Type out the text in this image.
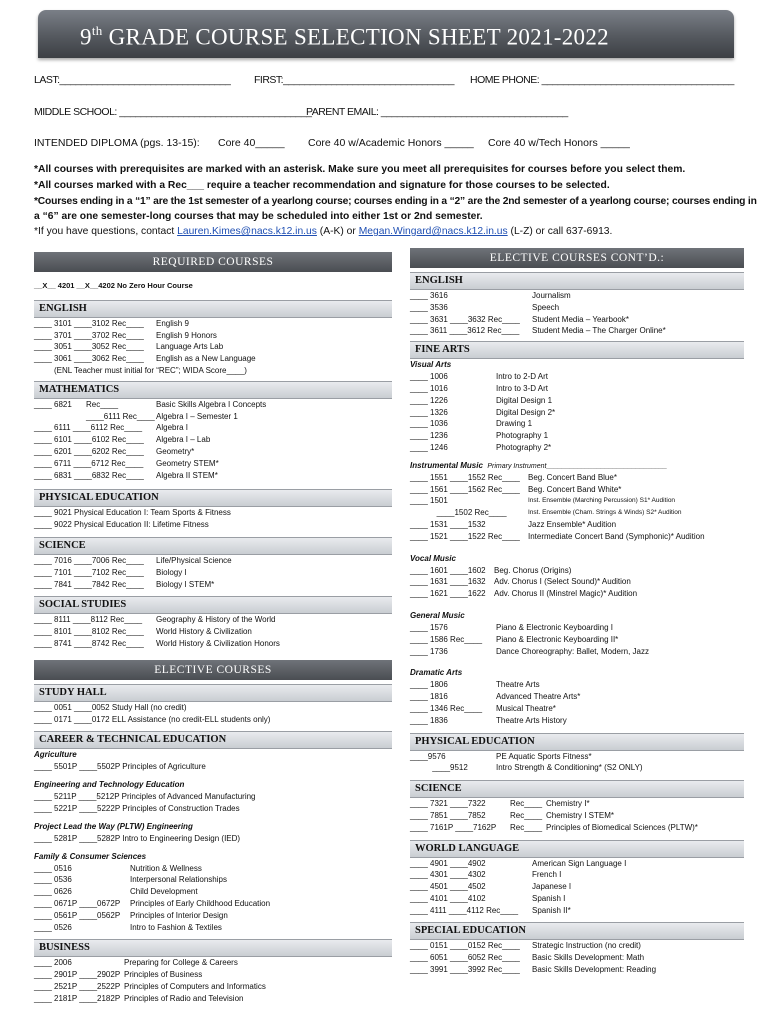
9th GRADE COURSE SELECTION SHEET 2021-2022
LAST:________________________________ FIRST:________________________________ HOME PHONE: ____________________________________
MIDDLE SCHOOL: ____________________________________
PARENT EMAIL: ___________________________________
INTENDED DIPLOMA (pgs. 13-15): Core 40_____ Core 40 w/Academic Honors _____ Core 40 w/Tech Honors _____
*All courses with prerequisites are marked with an asterisk. Make sure you meet all prerequisites for courses before you select them.
*All courses marked with a Rec___ require a teacher recommendation and signature for those courses to be selected.
*Courses ending in a “1” are the 1st semester of a yearlong course; courses ending in a “2” are the 2nd semester of a yearlong course; courses ending in
a “6” are one semester-long courses that may be scheduled into either 1st or 2nd semester.
*If you have questions, contact Lauren.Kimes@nacs.k12.in.us (A-K) or Megan.Wingard@nacs.k12.in.us (L-Z) or call 637-6913.
REQUIRED COURSES
__X__ 4201 __X__4202 No Zero Hour Course
ENGLISH
____ 3101 ____3102 Rec____ English 9
____ 3701 ____3702 Rec____ English 9 Honors
____ 3051 ____3052 Rec____ Language Arts Lab
____ 3061 ____3062 Rec____ English as a New Language
(ENL Teacher must initial for “REC”; WIDA Score____)
MATHEMATICS
____ 6821 Rec____	Basic Skills Algebra I Concepts
____6111 Rec____ Algebra I – Semester 1
____ 6111 ____6112 Rec____ Algebra I
____ 6101 ____6102 Rec____ Algebra I – Lab
____ 6201 ____6202 Rec____ Geometry*
____ 6711 ____6712 Rec____ Geometry STEM*
____ 6831 ____6832 Rec____ Algebra II STEM*
PHYSICAL EDUCATION
____ 9021 Physical Education I: Team Sports & Fitness
____ 9022 Physical Education II: Lifetime Fitness
SCIENCE
____ 7016 ____7006 Rec____ Life/Physical Science
____ 7101 ____7102 Rec____ Biology I
____ 7841 ____7842 Rec____ Biology I STEM*
SOCIAL STUDIES
____ 8111 ____8112 Rec____ Geography & History of the World
____ 8101 ____8102 Rec____ World History & Civilization
____ 8741 ____8742 Rec____ World History & Civilization Honors
ELECTIVE COURSES
STUDY HALL
____ 0051 ____0052 Study Hall (no credit)
____ 0171 ____0172 ELL Assistance (no credit-ELL students only)
CAREER & TECHNICAL EDUCATION
Agriculture
____ 5501P ____5502P Principles of Agriculture
Engineering and Technology Education
____ 5211P ____5212P Principles of Advanced Manufacturing
____ 5221P ____5222P Principles of Construction Trades
Project Lead the Way (PLTW) Engineering
____ 5281P ____5282P Intro to Engineering Design (IED)
Family & Consumer Sciences
____ 0516	Nutrition & Wellness
____ 0536	Interpersonal Relationships
____ 0626	Child Development
____ 0671P ____0672P Principles of Early Childhood Education
____ 0561P ____0562P Principles of Interior Design
____ 0526	Intro to Fashion & Textiles
BUSINESS
____ 2006	Preparing for College & Careers
____ 2901P ____2902P Principles of Business
____ 2521P ____2522P Principles of Computers and Informatics
____ 2181P ____2182P Principles of Radio and Television
ELECTIVE COURSES CONT’D.:
ENGLISH
____ 3616	Journalism
____ 3536	Speech
____ 3631 ____3632 Rec____ Student Media – Yearbook*
____ 3611 ____3612 Rec____ Student Media – The Charger Online*
FINE ARTS
Visual Arts
____ 1006	Intro to 2-D Art
____ 1016	Intro to 3-D Art
____ 1226	Digital Design 1
____ 1326	Digital Design 2*
____ 1036	Drawing 1
____ 1236	Photography 1
____ 1246	Photography 2*
Instrumental Music Primary Instrument_______________________________
____ 1551 ____1552 Rec____ Beg. Concert Band Blue*
____ 1561 ____1562 Rec____ Beg. Concert Band White*
____ 1501	Inst. Ensemble (Marching Percussion) S1* Audition
____1502 Rec____	Inst. Ensemble (Cham. Strings & Winds) S2* Audition
____ 1531 ____1532	Jazz Ensemble* Audition
____ 1521 ____1522 Rec____ Intermediate Concert Band (Symphonic)* Audition
Vocal Music
____ 1601 ____1602 Beg. Chorus (Origins)
____ 1631 ____1632 Adv. Chorus I (Select Sound)* Audition
____ 1621 ____1622 Adv. Chorus II (Minstrel Magic)* Audition
General Music
____ 1576	Piano & Electronic Keyboarding I
____ 1586 Rec____ Piano & Electronic Keyboarding II*
____ 1736	Dance Choreography: Ballet, Modern, Jazz
Dramatic Arts
____ 1806	Theatre Arts
____ 1816	Advanced Theatre Arts*
____ 1346 Rec____ Musical Theatre*
____ 1836	Theatre Arts History
PHYSICAL EDUCATION
____9576	PE Aquatic Sports Fitness*
____9512	Intro Strength & Conditioning* (S2 ONLY)
SCIENCE
____ 7321 ____7322	Rec____ Chemistry I*
____ 7851 ____7852	Rec____ Chemistry I STEM*
____ 7161P ____7162P Rec____ Principles of Biomedical Sciences (PLTW)*
WORLD LANGUAGE
____ 4901 ____4902	American Sign Language I
____ 4301 ____4302	French I
____ 4501 ____4502	Japanese I
____ 4101 ____4102	Spanish I
____ 4111 ____4112 Rec____ Spanish II*
SPECIAL EDUCATION
____ 0151 ____0152 Rec____ Strategic Instruction (no credit)
____ 6051 ____6052 Rec____ Basic Skills Development: Math
____ 3991 ____3992 Rec____ Basic Skills Development: Reading
